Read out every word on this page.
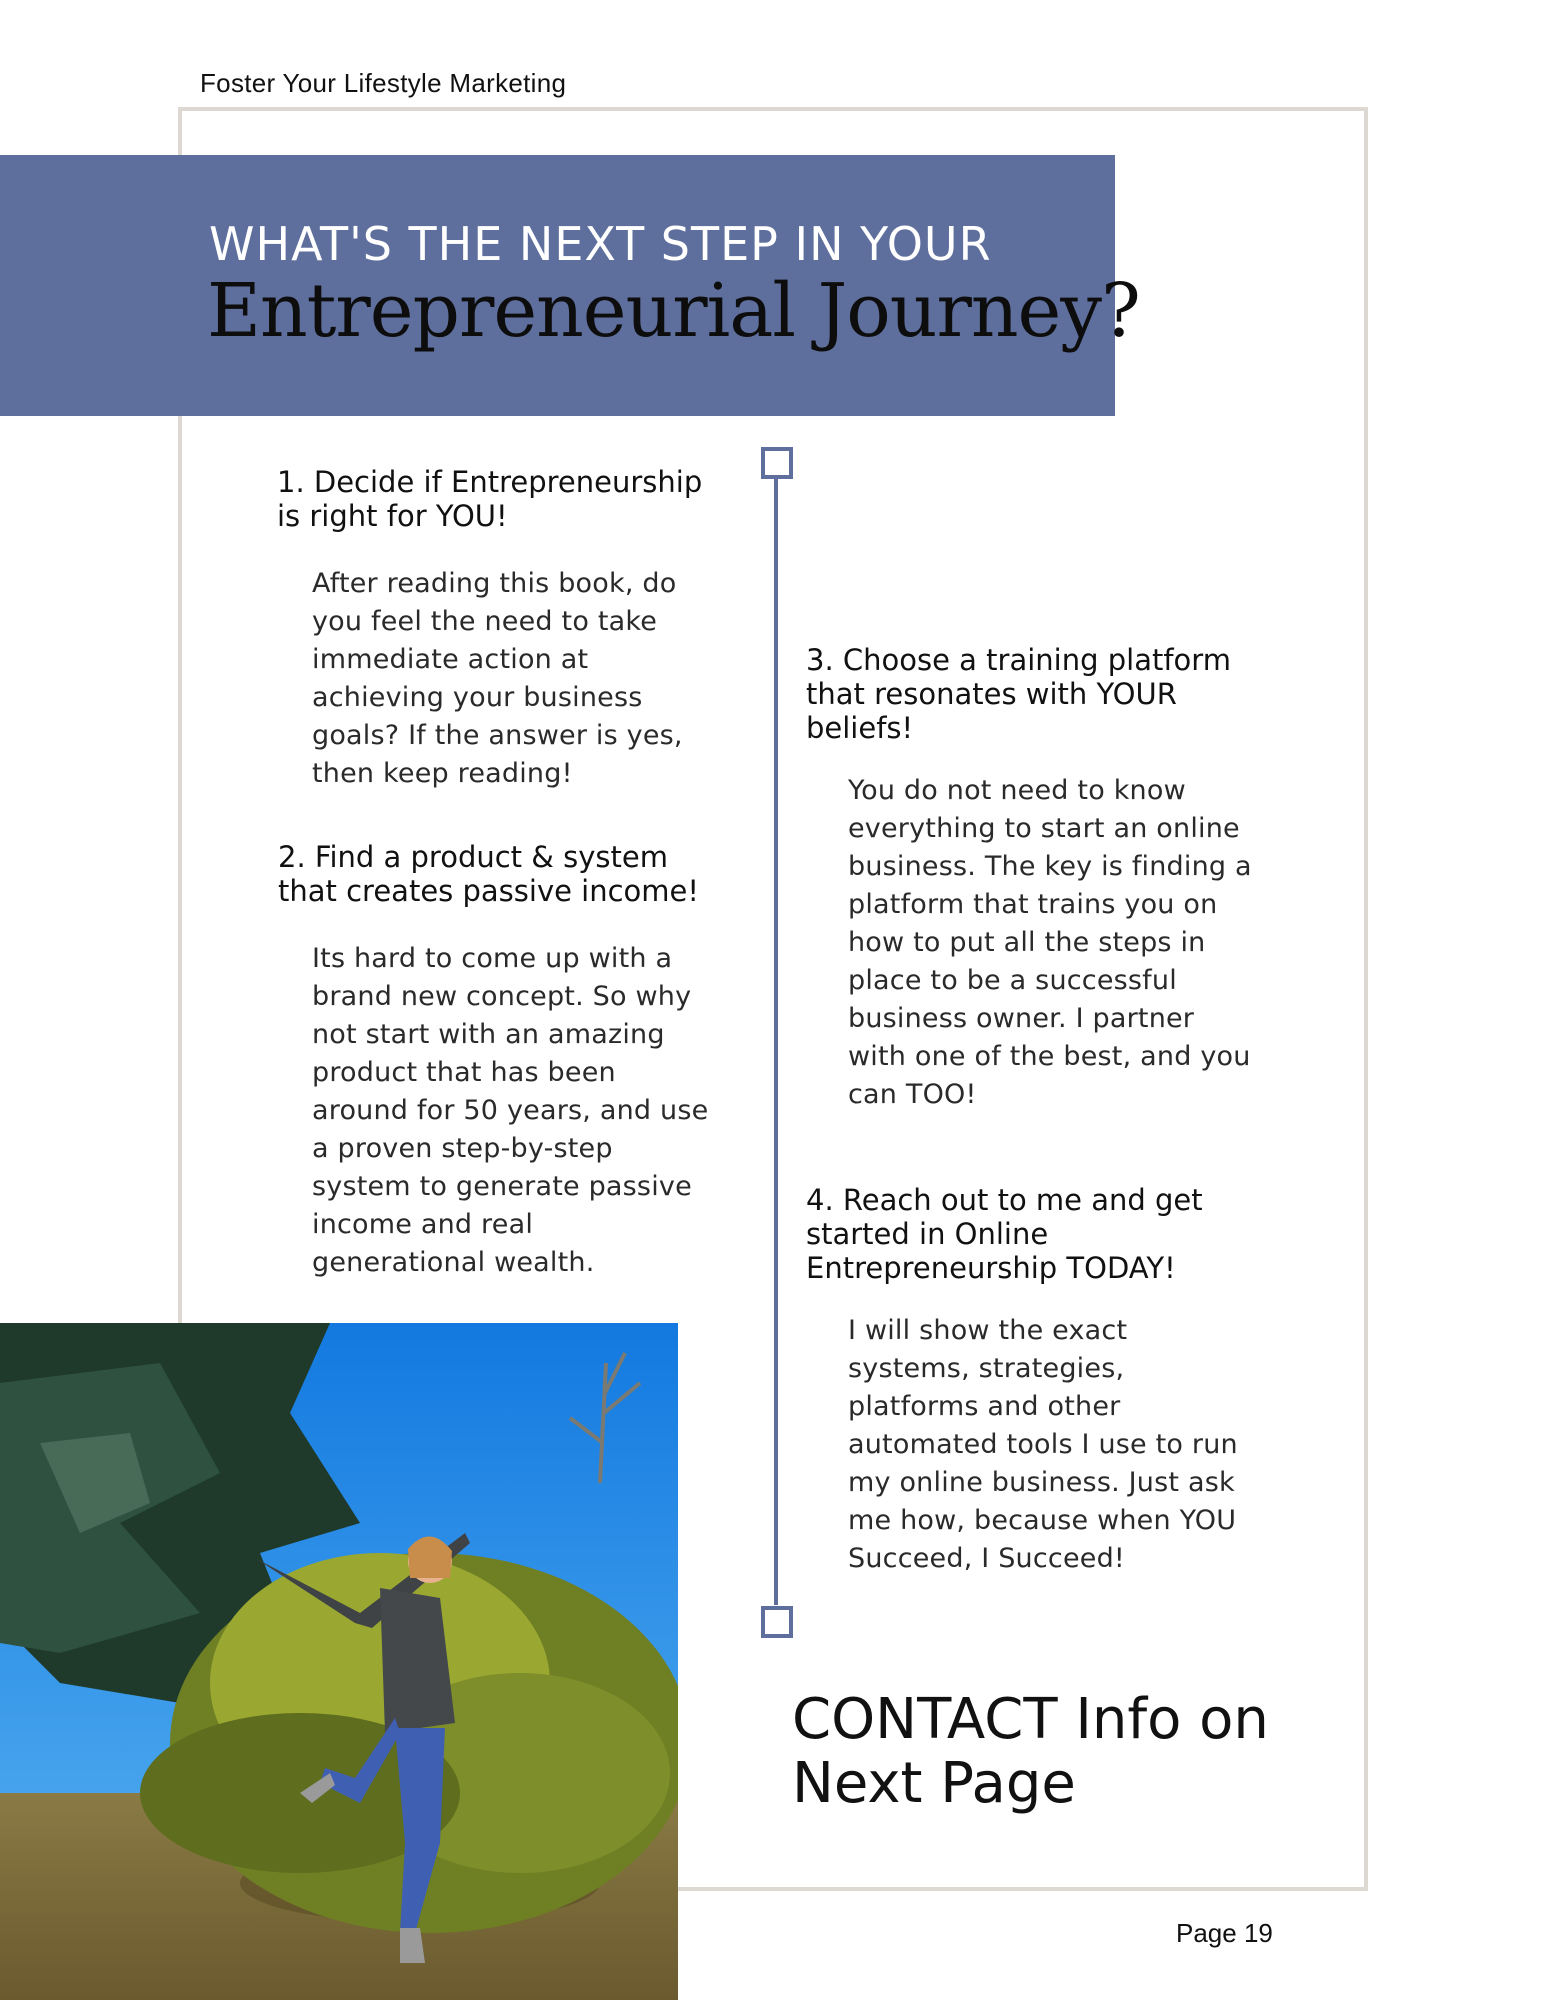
Foster Your Lifestyle Marketing
WHAT'S THE NEXT STEP IN YOUR
Entrepreneurial Journey?
1. Decide if Entrepreneurship
is right for YOU!
After reading this book, do
you feel the need to take
immediate action at
achieving your business
goals? If the answer is yes,
then keep reading!
2. Find a product & system
that creates passive income!
Its hard to come up with a
brand new concept. So why
not start with an amazing
product that has been
around for 50 years, and use
a proven step-by-step
system to generate passive
income and real
generational wealth.
3. Choose a training platform
that resonates with YOUR
beliefs!
You do not need to know
everything to start an online
business. The key is finding a
platform that trains you on
how to put all the steps in
place to be a successful
business owner. I partner
with one of the best, and you
can TOO!
4. Reach out to me and get
started in Online
Entrepreneurship TODAY!
I will show the exact
systems, strategies,
platforms and other
automated tools I use to run
my online business. Just ask
me how, because when YOU
Succeed, I Succeed!
CONTACT Info on
Next Page
Page 19
